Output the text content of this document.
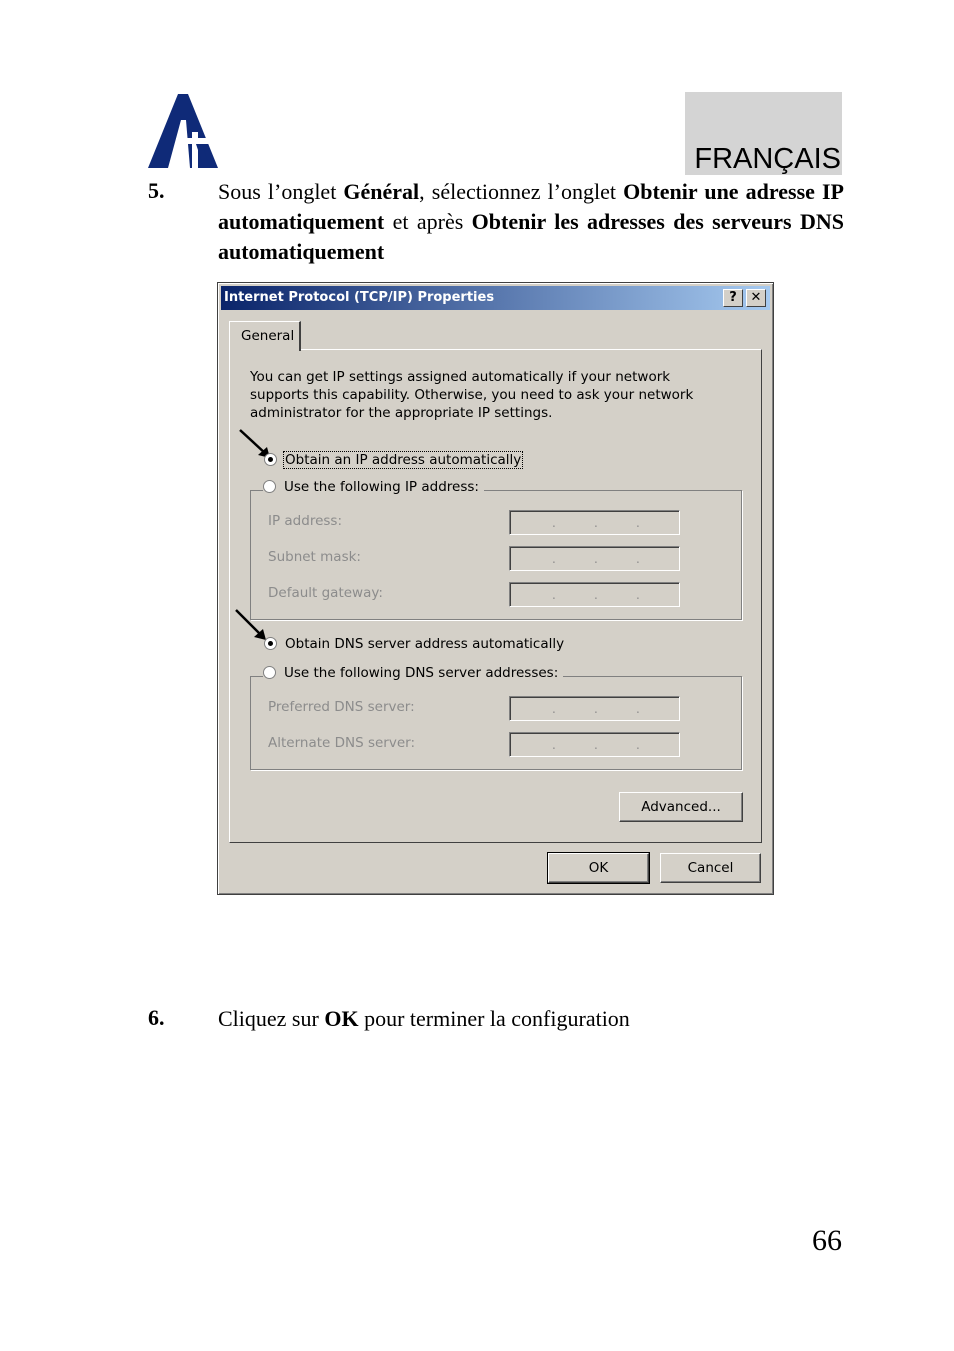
FRANÇAIS
5. Sous l’onglet Général, sélectionnez l’onglet Obtenir une adresse IP automatiquement et après Obtenir les adresses des serveurs DNS automatiquement
Internet Protocol (TCP/IP) Properties	?	✕
General
You can get IP settings assigned automatically if your network supports this capability. Otherwise, you need to ask your network administrator for the appropriate IP settings.
Obtain an IP address automatically
Use the following IP address:
IP address:	.	.	.
Subnet mask:	.	.	.
Default gateway:	.	.	.
Obtain DNS server address automatically
Use the following DNS server addresses:
Preferred DNS server:	.	.	.
Alternate DNS server:	.	.	.
Advanced...
OK	Cancel
6. Cliquez sur OK pour terminer la configuration
66
